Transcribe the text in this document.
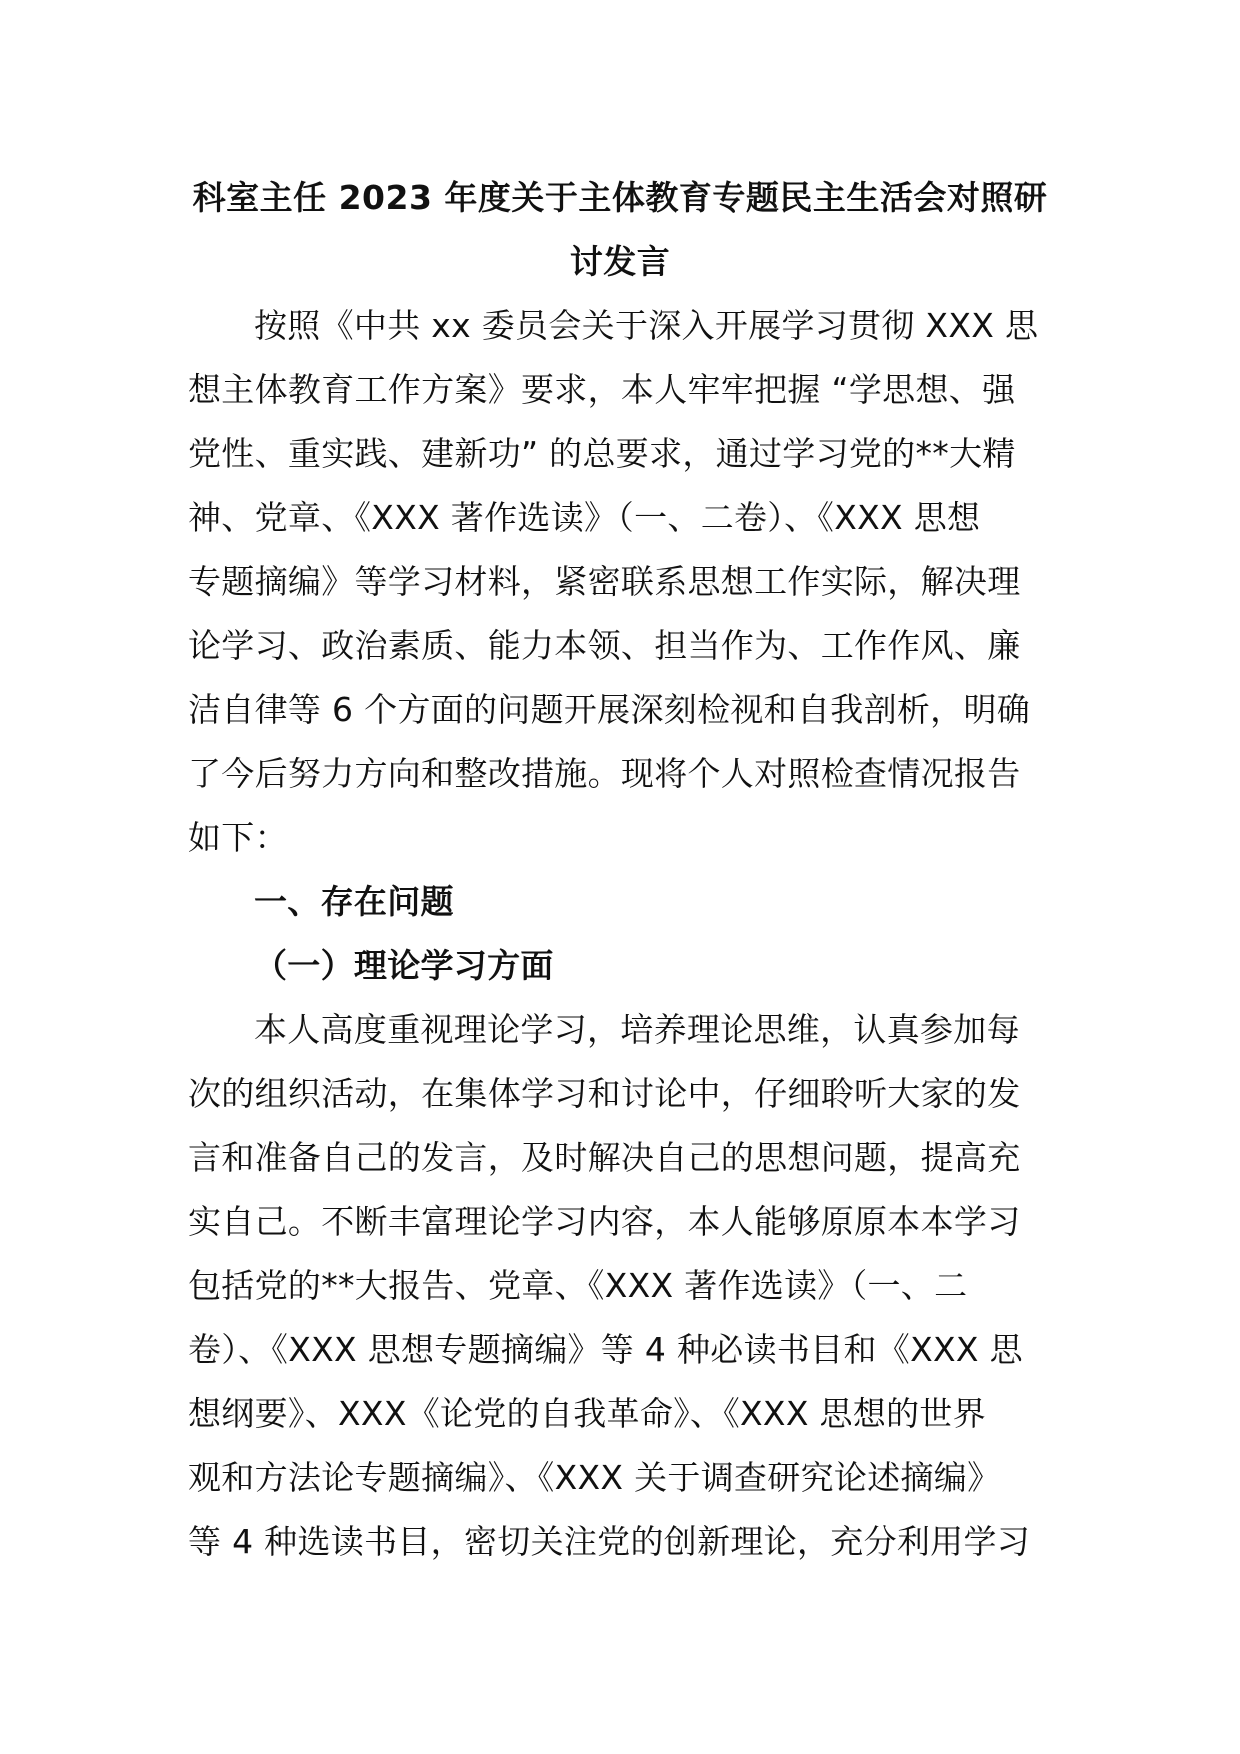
科室主任 2023 年度关于主体教育专题民主生活会对照研
讨发言
按照《中共 xx 委员会关于深入开展学习贯彻 XXX 思
想主体教育工作方案》要求，本人牢牢把握 “学思想、强
党性、重实践、建新功” 的总要求，通过学习党的**大精
神、党章、《XXX 著作选读》（一、二卷）、《XXX 思想
专题摘编》等学习材料，紧密联系思想工作实际，解决理
论学习、政治素质、能力本领、担当作为、工作作风、廉
洁自律等 6 个方面的问题开展深刻检视和自我剖析，明确
了今后努力方向和整改措施。现将个人对照检查情况报告
如下：
一、存在问题
（一）理论学习方面
本人高度重视理论学习，培养理论思维，认真参加每
次的组织活动，在集体学习和讨论中，仔细聆听大家的发
言和准备自己的发言，及时解决自己的思想问题，提高充
实自己。不断丰富理论学习内容，本人能够原原本本学习
包括党的**大报告、党章、《XXX 著作选读》（一、二
卷）、《XXX 思想专题摘编》等 4 种必读书目和《XXX 思
想纲要》、XXX《论党的自我革命》、《XXX 思想的世界
观和方法论专题摘编》、《XXX 关于调查研究论述摘编》
等 4 种选读书目，密切关注党的创新理论，充分利用学习
